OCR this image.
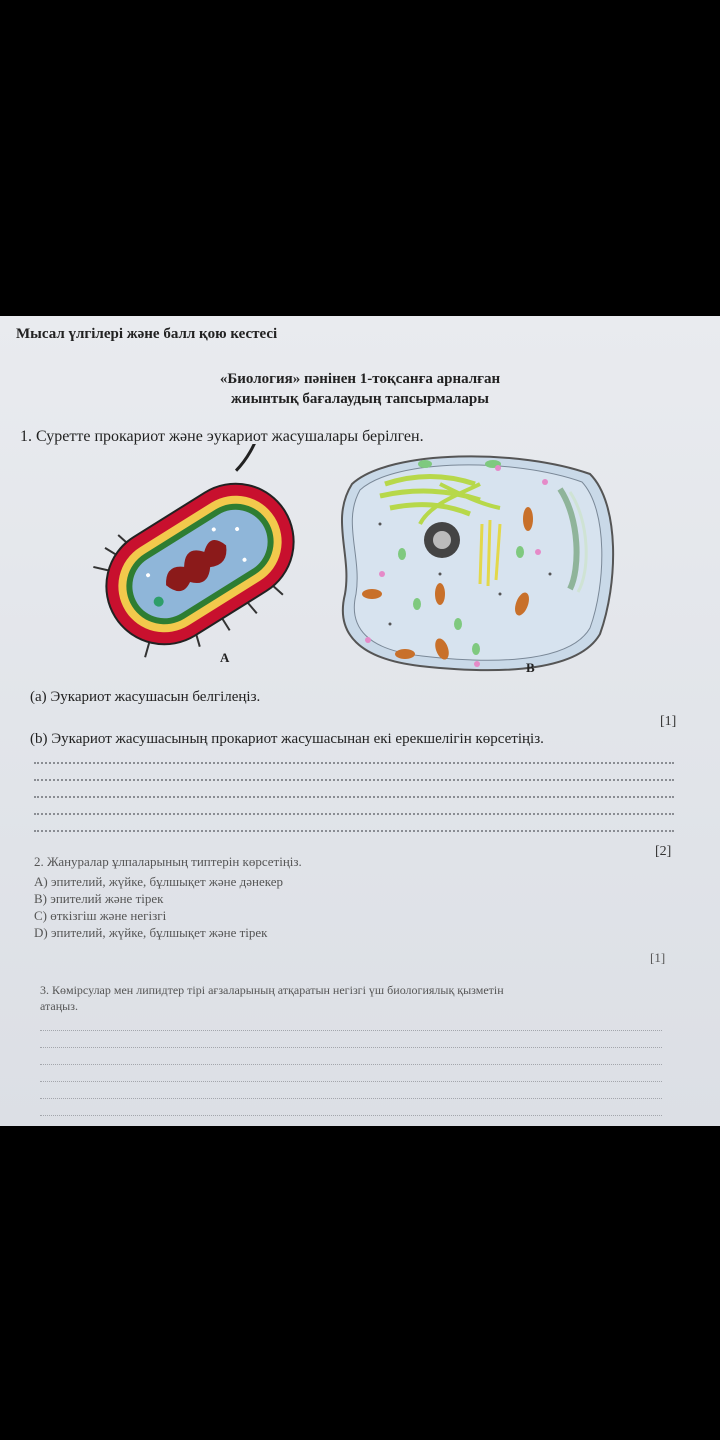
Мысал үлгілері және балл қою кестесі
«Биология» пәнінен 1-тоқсанға арналған
жиынтық бағалаудың тапсырмалары
1. Суретте прокариот және эукариот жасушалары берілген.
A
B
(a) Эукариот жасушасын белгілеңіз.
[1]
(b) Эукариот жасушасының прокариот жасушасынан екі ерекшелігін көрсетіңіз.
[2]
2. Жануралар ұлпаларының типтерін көрсетіңіз.
A) эпителий, жүйке, бұлшықет және дәнекер
B) эпителий және тірек
C) өткізгіш және негізгі
D) эпителий, жүйке, бұлшықет және тірек
[1]
3. Көмірсулар мен липидтер тірі ағзаларының атқаратын негізгі үш биологиялық қызметін
атаңыз.
